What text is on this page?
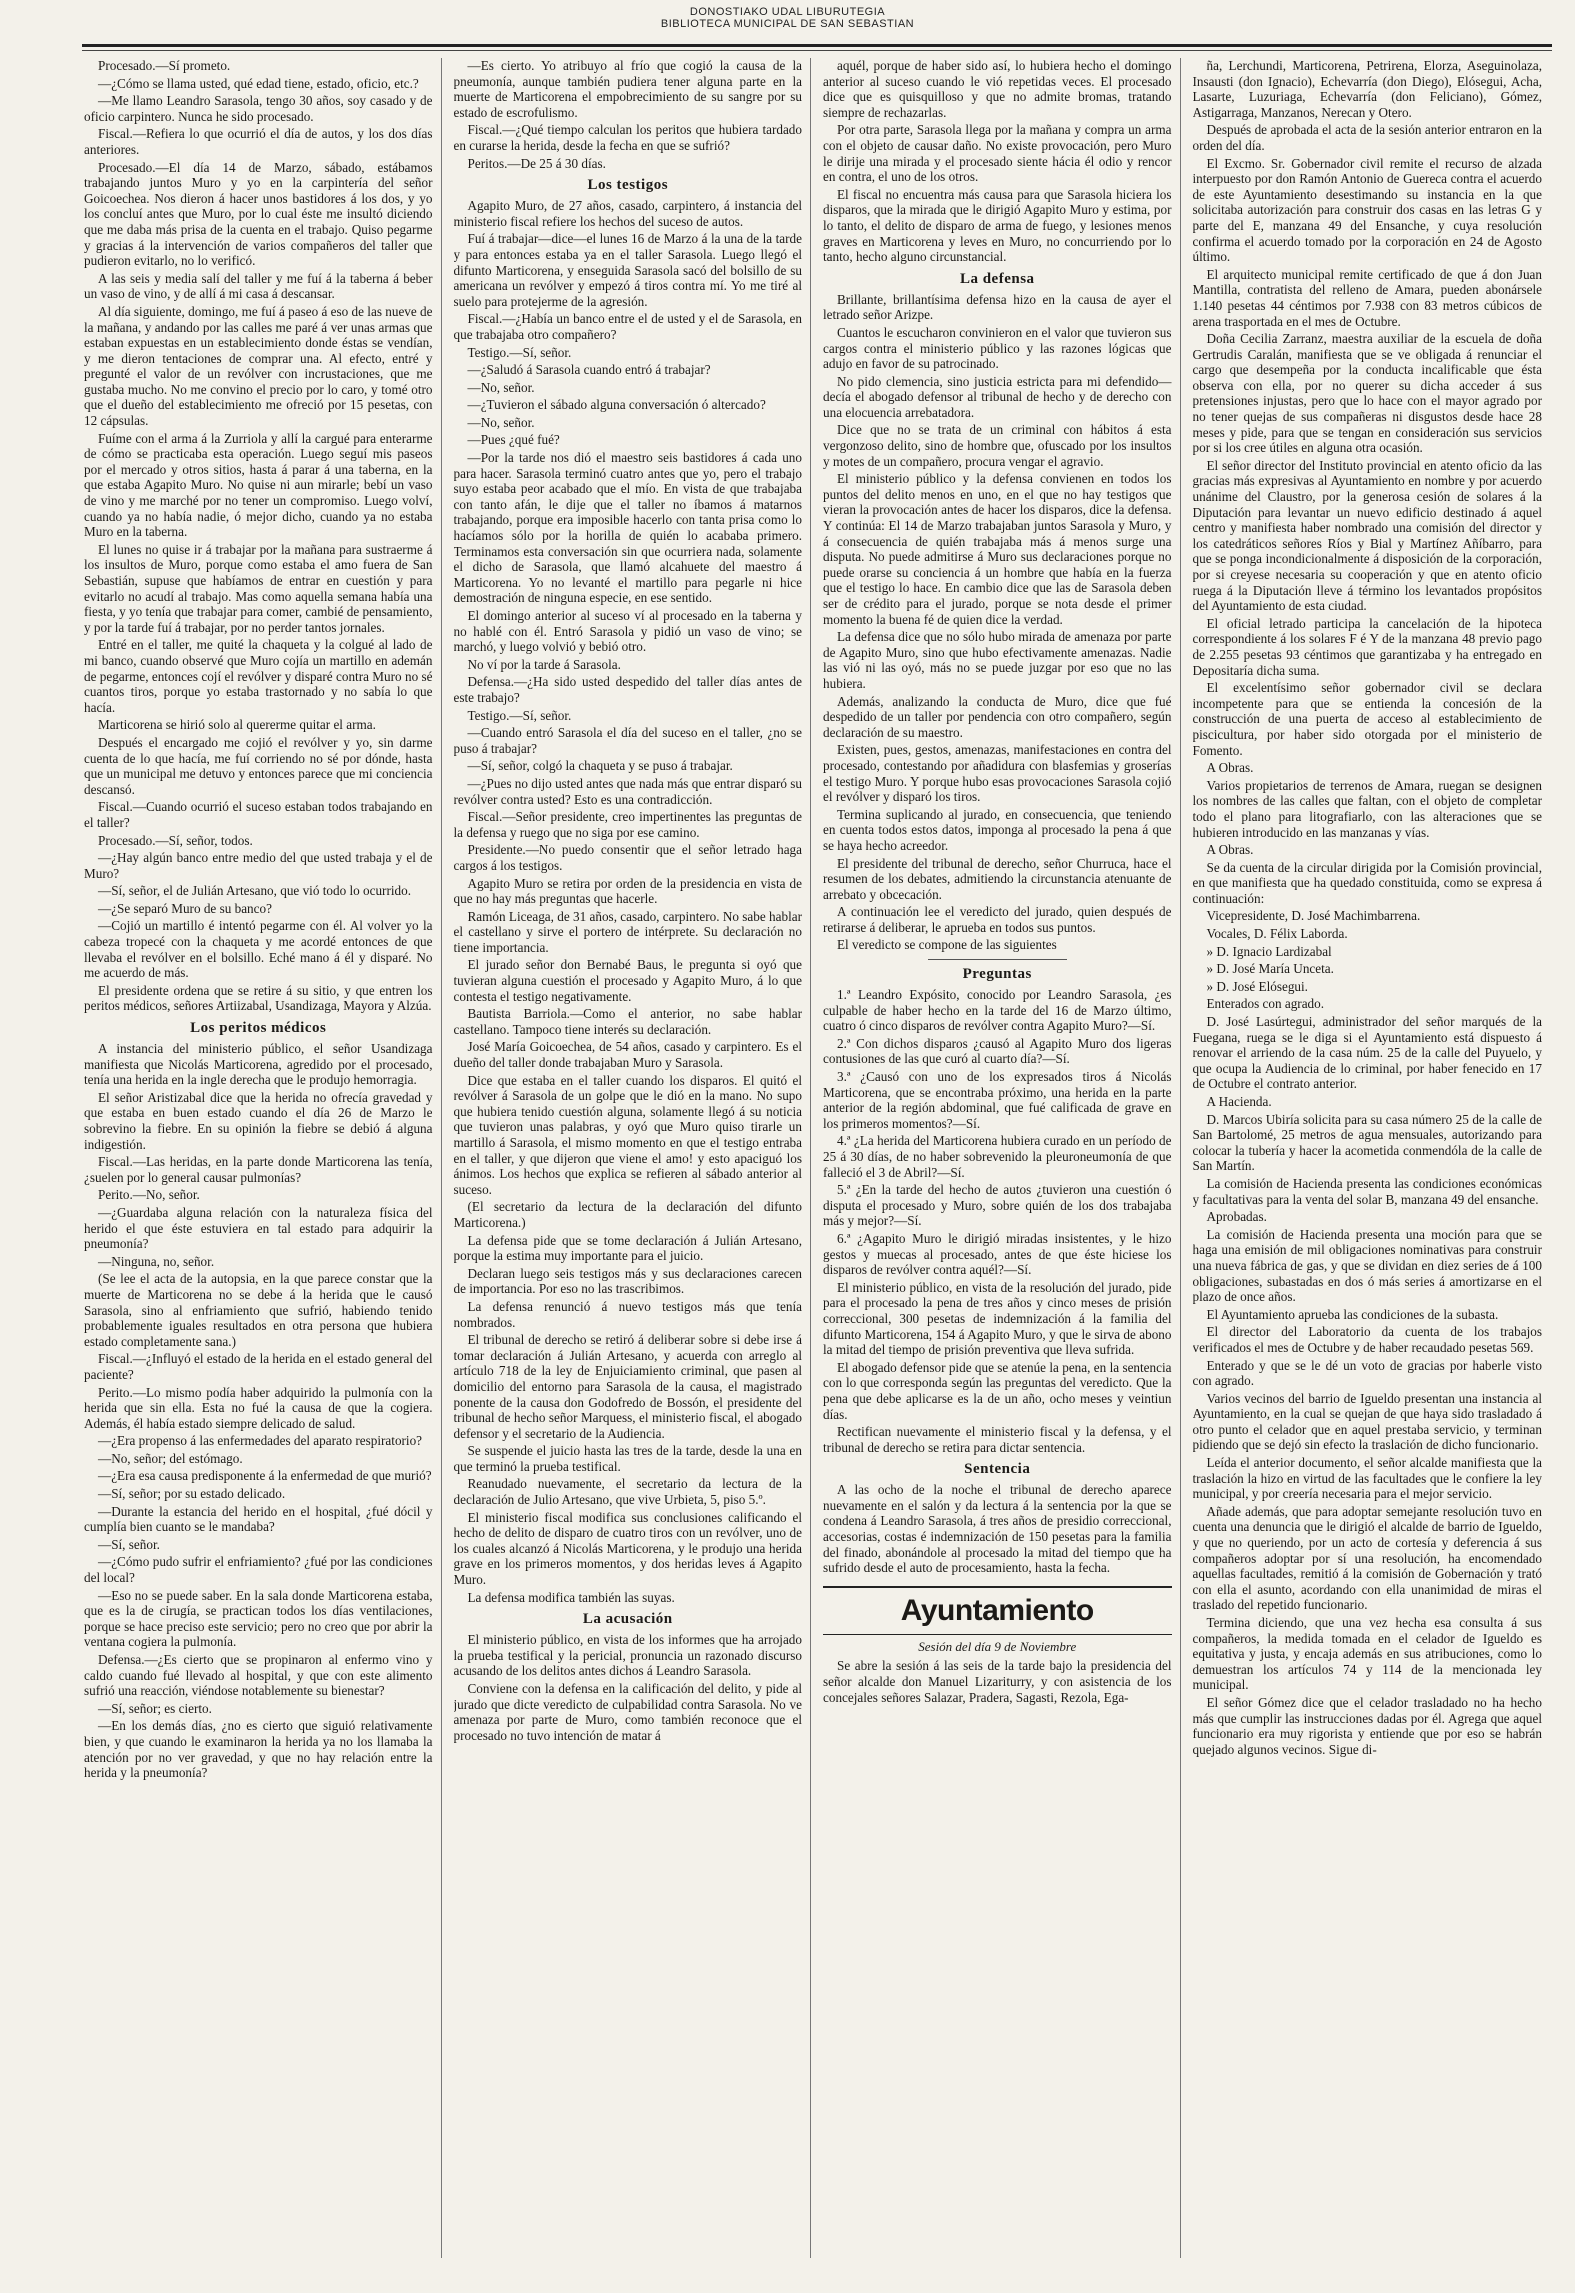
DONOSTIAKO UDAL LIBURUTEGIA
BIBLIOTECA MUNICIPAL DE SAN SEBASTIAN

Procesado.—Sí prometo.

—¿Cómo se llama usted, qué edad tiene, estado, oficio, etc.?

—Me llamo Leandro Sarasola, tengo 30 años, soy casado y de oficio carpintero. Nunca he sido procesado.

Fiscal.—Refiera lo que ocurrió el día de autos, y los dos días anteriores.

Procesado.—El día 14 de Marzo, sábado, estábamos trabajando juntos Muro y yo en la carpintería del señor Goicoechea. Nos dieron á hacer unos bastidores á los dos, y yo los concluí antes que Muro, por lo cual éste me insultó diciendo que me daba más prisa de la cuenta en el trabajo. Quiso pegarme y gracias á la intervención de varios compañeros del taller que pudieron evitarlo, no lo verificó.

A las seis y media salí del taller y me fuí á la taberna á beber un vaso de vino, y de allí á mi casa á descansar.

Al día siguiente, domingo, me fuí á paseo á eso de las nueve de la mañana, y andando por las calles me paré á ver unas armas que estaban expuestas en un establecimiento donde éstas se vendían, y me dieron tentaciones de comprar una. Al efecto, entré y pregunté el valor de un revólver con incrustaciones, que me gustaba mucho. No me convino el precio por lo caro, y tomé otro que el dueño del establecimiento me ofreció por 15 pesetas, con 12 cápsulas.

Fuíme con el arma á la Zurriola y allí la cargué para enterarme de cómo se practicaba esta operación. Luego seguí mis paseos por el mercado y otros sitios, hasta á parar á una taberna, en la que estaba Agapito Muro. No quise ni aun mirarle; bebí un vaso de vino y me marché por no tener un compromiso. Luego volví, cuando ya no había nadie, ó mejor dicho, cuando ya no estaba Muro en la taberna.

El lunes no quise ir á trabajar por la mañana para sustraerme á los insultos de Muro, porque como estaba el amo fuera de San Sebastián, supuse que habíamos de entrar en cuestión y para evitarlo no acudí al trabajo. Mas como aquella semana había una fiesta, y yo tenía que trabajar para comer, cambié de pensamiento, y por la tarde fuí á trabajar, por no perder tantos jornales.

Entré en el taller, me quité la chaqueta y la colgué al lado de mi banco, cuando observé que Muro cojía un martillo en ademán de pegarme, entonces cojí el revólver y disparé contra Muro no sé cuantos tiros, porque yo estaba trastornado y no sabía lo que hacía.

Marticorena se hirió solo al quererme quitar el arma.

Después el encargado me cojió el revólver y yo, sin darme cuenta de lo que hacía, me fuí corriendo no sé por dónde, hasta que un municipal me detuvo y entonces parece que mi conciencia descansó.

Fiscal.—Cuando ocurrió el suceso estaban todos trabajando en el taller?

Procesado.—Sí, señor, todos.

—¿Hay algún banco entre medio del que usted trabaja y el de Muro?

—Sí, señor, el de Julián Artesano, que vió todo lo ocurrido.

—¿Se separó Muro de su banco?

—Cojió un martillo é intentó pegarme con él. Al volver yo la cabeza tropecé con la chaqueta y me acordé entonces de que llevaba el revólver en el bolsillo. Eché mano á él y disparé. No me acuerdo de más.

El presidente ordena que se retire á su sitio, y que entren los peritos médicos, señores Artiizabal, Usandizaga, Mayora y Alzúa.

Los peritos médicos

A instancia del ministerio público, el señor Usandizaga manifiesta que Nicolás Marticorena, agredido por el procesado, tenía una herida en la ingle derecha que le produjo hemorragia.

El señor Aristizabal dice que la herida no ofrecía gravedad y que estaba en buen estado cuando el día 26 de Marzo le sobrevino la fiebre. En su opinión la fiebre se debió á alguna indigestión.

Fiscal.—Las heridas, en la parte donde Marticorena las tenía, ¿suelen por lo general causar pulmonías?

Perito.—No, señor.

—¿Guardaba alguna relación con la naturaleza física del herido el que éste estuviera en tal estado para adquirir la pneumonía?

—Ninguna, no, señor.

(Se lee el acta de la autopsia, en la que parece constar que la muerte de Marticorena no se debe á la herida que le causó Sarasola, sino al enfriamiento que sufrió, habiendo tenido probablemente iguales resultados en otra persona que hubiera estado completamente sana.)

Fiscal.—¿Influyó el estado de la herida en el estado general del paciente?

Perito.—Lo mismo podía haber adquirido la pulmonía con la herida que sin ella. Esta no fué la causa de que la cogiera. Además, él había estado siempre delicado de salud.

—¿Era propenso á las enfermedades del aparato respiratorio?

—No, señor; del estómago.

—¿Era esa causa predisponente á la enfermedad de que murió?

—Sí, señor; por su estado delicado.

—Durante la estancia del herido en el hospital, ¿fué dócil y cumplía bien cuanto se le mandaba?

—Sí, señor.

—¿Cómo pudo sufrir el enfriamiento? ¿fué por las condiciones del local?

—Eso no se puede saber. En la sala donde Marticorena estaba, que es la de cirugía, se practican todos los días ventilaciones, porque se hace preciso este servicio; pero no creo que por abrir la ventana cogiera la pulmonía.

Defensa.—¿Es cierto que se propinaron al enfermo vino y caldo cuando fué llevado al hospital, y que con este alimento sufrió una reacción, viéndose notablemente su bienestar?

—Sí, señor; es cierto.

—En los demás días, ¿no es cierto que siguió relativamente bien, y que cuando le examinaron la herida ya no los llamaba la atención por no ver gravedad, y que no hay relación entre la herida y la pneumonía?

—Es cierto. Yo atribuyo al frío que cogió la causa de la pneumonía, aunque también pudiera tener alguna parte en la muerte de Marticorena el empobrecimiento de su sangre por su estado de escrofulismo.

Fiscal.—¿Qué tiempo calculan los peritos que hubiera tardado en curarse la herida, desde la fecha en que se sufrió?

Peritos.—De 25 á 30 días.

Los testigos

Agapito Muro, de 27 años, casado, carpintero, á instancia del ministerio fiscal refiere los hechos del suceso de autos.

Fuí á trabajar—dice—el lunes 16 de Marzo á la una de la tarde y para entonces estaba ya en el taller Sarasola. Luego llegó el difunto Marticorena, y enseguida Sarasola sacó del bolsillo de su americana un revólver y empezó á tiros contra mí. Yo me tiré al suelo para protejerme de la agresión.

Fiscal.—¿Había un banco entre el de usted y el de Sarasola, en que trabajaba otro compañero?

Testigo.—Sí, señor.

—¿Saludó á Sarasola cuando entró á trabajar?

—No, señor.

—¿Tuvieron el sábado alguna conversación ó altercado?

—No, señor.

—Pues ¿qué fué?

—Por la tarde nos dió el maestro seis bastidores á cada uno para hacer. Sarasola terminó cuatro antes que yo, pero el trabajo suyo estaba peor acabado que el mío. En vista de que trabajaba con tanto afán, le dije que el taller no íbamos á matarnos trabajando, porque era imposible hacerlo con tanta prisa como lo hacíamos sólo por la horilla de quién lo acababa primero. Terminamos esta conversación sin que ocurriera nada, solamente el dicho de Sarasola, que llamó alcahuete del maestro á Marticorena. Yo no levanté el martillo para pegarle ni hice demostración de ninguna especie, en ese sentido.

El domingo anterior al suceso ví al procesado en la taberna y no hablé con él. Entró Sarasola y pidió un vaso de vino; se marchó, y luego volvió y bebió otro.

No ví por la tarde á Sarasola.

Defensa.—¿Ha sido usted despedido del taller días antes de este trabajo?

Testigo.—Sí, señor.

—Cuando entró Sarasola el día del suceso en el taller, ¿no se puso á trabajar?

—Sí, señor, colgó la chaqueta y se puso á trabajar.

—¿Pues no dijo usted antes que nada más que entrar disparó su revólver contra usted? Esto es una contradicción.

Fiscal.—Señor presidente, creo impertinentes las preguntas de la defensa y ruego que no siga por ese camino.

Presidente.—No puedo consentir que el señor letrado haga cargos á los testigos.

Agapito Muro se retira por orden de la presidencia en vista de que no hay más preguntas que hacerle.

Ramón Liceaga, de 31 años, casado, carpintero. No sabe hablar el castellano y sirve el portero de intérprete. Su declaración no tiene importancia.

El jurado señor don Bernabé Baus, le pregunta si oyó que tuvieran alguna cuestión el procesado y Agapito Muro, á lo que contesta el testigo negativamente.

Bautista Barriola.—Como el anterior, no sabe hablar castellano. Tampoco tiene interés su declaración.

José María Goicoechea, de 54 años, casado y carpintero. Es el dueño del taller donde trabajaban Muro y Sarasola.

Dice que estaba en el taller cuando los disparos. El quitó el revólver á Sarasola de un golpe que le dió en la mano. No supo que hubiera tenido cuestión alguna, solamente llegó á su noticia que tuvieron unas palabras, y oyó que Muro quiso tirarle un martillo á Sarasola, el mismo momento en que el testigo entraba en el taller, y que dijeron que viene el amo! y esto apaciguó los ánimos. Los hechos que explica se refieren al sábado anterior al suceso.

(El secretario da lectura de la declaración del difunto Marticorena.)

La defensa pide que se tome declaración á Julián Artesano, porque la estima muy importante para el juicio.

Declaran luego seis testigos más y sus declaraciones carecen de importancia. Por eso no las trascribimos.

La defensa renunció á nuevo testigos más que tenía nombrados.

El tribunal de derecho se retiró á deliberar sobre si debe irse á tomar declaración á Julián Artesano, y acuerda con arreglo al artículo 718 de la ley de Enjuiciamiento criminal, que pasen al domicilio del entorno para Sarasola de la causa, el magistrado ponente de la causa don Godofredo de Bossón, el presidente del tribunal de hecho señor Marquess, el ministerio fiscal, el abogado defensor y el secretario de la Audiencia.

Se suspende el juicio hasta las tres de la tarde, desde la una en que terminó la prueba testifical.

Reanudado nuevamente, el secretario da lectura de la declaración de Julio Artesano, que vive Urbieta, 5, piso 5.º.

El ministerio fiscal modifica sus conclusiones calificando el hecho de delito de disparo de cuatro tiros con un revólver, uno de los cuales alcanzó á Nicolás Marticorena, y le produjo una herida grave en los primeros momentos, y dos heridas leves á Agapito Muro.

La defensa modifica también las suyas.

La acusación

El ministerio público, en vista de los informes que ha arrojado la prueba testifical y la pericial, pronuncia un razonado discurso acusando de los delitos antes dichos á Leandro Sarasola.

Conviene con la defensa en la calificación del delito, y pide al jurado que dicte veredicto de culpabilidad contra Sarasola. No ve amenaza por parte de Muro, como también reconoce que el procesado no tuvo intención de matar á

aquél, porque de haber sido así, lo hubiera hecho el domingo anterior al suceso cuando le vió repetidas veces. El procesado dice que es quisquilloso y que no admite bromas, tratando siempre de rechazarlas.

Por otra parte, Sarasola llega por la mañana y compra un arma con el objeto de causar daño. No existe provocación, pero Muro le dirije una mirada y el procesado siente hácia él odio y rencor en contra, el uno de los otros.

El fiscal no encuentra más causa para que Sarasola hiciera los disparos, que la mirada que le dirigió Agapito Muro y estima, por lo tanto, el delito de disparo de arma de fuego, y lesiones menos graves en Marticorena y leves en Muro, no concurriendo por lo tanto, hecho alguno circunstancial.

La defensa

Brillante, brillantísima defensa hizo en la causa de ayer el letrado señor Arizpe.

Cuantos le escucharon convinieron en el valor que tuvieron sus cargos contra el ministerio público y las razones lógicas que adujo en favor de su patrocinado.

No pido clemencia, sino justicia estricta para mi defendido—decía el abogado defensor al tribunal de hecho y de derecho con una elocuencia arrebatadora.

Dice que no se trata de un criminal con hábitos á esta vergonzoso delito, sino de hombre que, ofuscado por los insultos y motes de un compañero, procura vengar el agravio.

El ministerio público y la defensa convienen en todos los puntos del delito menos en uno, en el que no hay testigos que vieran la provocación antes de hacer los disparos, dice la defensa. Y continúa: El 14 de Marzo trabajaban juntos Sarasola y Muro, y á consecuencia de quién trabajaba más á menos surge una disputa. No puede admitirse á Muro sus declaraciones porque no puede orarse su conciencia á un hombre que había en la fuerza que el testigo lo hace. En cambio dice que las de Sarasola deben ser de crédito para el jurado, porque se nota desde el primer momento la buena fé de quien dice la verdad.

La defensa dice que no sólo hubo mirada de amenaza por parte de Agapito Muro, sino que hubo efectivamente amenazas. Nadie las vió ni las oyó, más no se puede juzgar por eso que no las hubiera.

Además, analizando la conducta de Muro, dice que fué despedido de un taller por pendencia con otro compañero, según declaración de su maestro.

Existen, pues, gestos, amenazas, manifestaciones en contra del procesado, contestando por añadidura con blasfemias y groserías el testigo Muro. Y porque hubo esas provocaciones Sarasola cojió el revólver y disparó los tiros.

Termina suplicando al jurado, en consecuencia, que teniendo en cuenta todos estos datos, imponga al procesado la pena á que se haya hecho acreedor.

El presidente del tribunal de derecho, señor Churruca, hace el resumen de los debates, admitiendo la circunstancia atenuante de arrebato y obcecación.

A continuación lee el veredicto del jurado, quien después de retirarse á deliberar, le aprueba en todos sus puntos.

El veredicto se compone de las siguientes

Preguntas

1.ª Leandro Expósito, conocido por Leandro Sarasola, ¿es culpable de haber hecho en la tarde del 16 de Marzo último, cuatro ó cinco disparos de revólver contra Agapito Muro?—Sí.

2.ª Con dichos disparos ¿causó al Agapito Muro dos ligeras contusiones de las que curó al cuarto día?—Sí.

3.ª ¿Causó con uno de los expresados tiros á Nicolás Marticorena, que se encontraba próximo, una herida en la parte anterior de la región abdominal, que fué calificada de grave en los primeros momentos?—Sí.

4.ª ¿La herida del Marticorena hubiera curado en un período de 25 á 30 días, de no haber sobrevenido la pleuroneumonía de que falleció el 3 de Abril?—Sí.

5.ª ¿En la tarde del hecho de autos ¿tuvieron una cuestión ó disputa el procesado y Muro, sobre quién de los dos trabajaba más y mejor?—Sí.

6.ª ¿Agapito Muro le dirigió miradas insistentes, y le hizo gestos y muecas al procesado, antes de que éste hiciese los disparos de revólver contra aquél?—Sí.

El ministerio público, en vista de la resolución del jurado, pide para el procesado la pena de tres años y cinco meses de prisión correccional, 300 pesetas de indemnización á la familia del difunto Marticorena, 154 á Agapito Muro, y que le sirva de abono la mitad del tiempo de prisión preventiva que lleva sufrida.

El abogado defensor pide que se atenúe la pena, en la sentencia con lo que corresponda según las preguntas del veredicto. Que la pena que debe aplicarse es la de un año, ocho meses y veintiun días.

Rectifican nuevamente el ministerio fiscal y la defensa, y el tribunal de derecho se retira para dictar sentencia.

Sentencia

A las ocho de la noche el tribunal de derecho aparece nuevamente en el salón y da lectura á la sentencia por la que se condena á Leandro Sarasola, á tres años de presidio correccional, accesorias, costas é indemnización de 150 pesetas para la familia del finado, abonándole al procesado la mitad del tiempo que ha sufrido desde el auto de procesamiento, hasta la fecha.

Ayuntamiento

Sesión del día 9 de Noviembre

Se abre la sesión á las seis de la tarde bajo la presidencia del señor alcalde don Manuel Lizariturry, y con asistencia de los concejales señores Salazar, Pradera, Sagasti, Rezola, Ega-

ña, Lerchundi, Marticorena, Petrirena, Elorza, Aseguinolaza, Insausti (don Ignacio), Echevarría (don Diego), Elósegui, Acha, Lasarte, Luzuriaga, Echevarría (don Feliciano), Gómez, Astigarraga, Manzanos, Nerecan y Otero.

Después de aprobada el acta de la sesión anterior entraron en la orden del día.

El Excmo. Sr. Gobernador civil remite el recurso de alzada interpuesto por don Ramón Antonio de Guereca contra el acuerdo de este Ayuntamiento desestimando su instancia en la que solicitaba autorización para construir dos casas en las letras G y parte del E, manzana 49 del Ensanche, y cuya resolución confirma el acuerdo tomado por la corporación en 24 de Agosto último.

El arquitecto municipal remite certificado de que á don Juan Mantilla, contratista del relleno de Amara, pueden abonársele 1.140 pesetas 44 céntimos por 7.938 con 83 metros cúbicos de arena trasportada en el mes de Octubre.

Doña Cecilia Zarranz, maestra auxiliar de la escuela de doña Gertrudis Caralán, manifiesta que se ve obligada á renunciar el cargo que desempeña por la conducta incalificable que ésta observa con ella, por no querer su dicha acceder á sus pretensiones injustas, pero que lo hace con el mayor agrado por no tener quejas de sus compañeras ni disgustos desde hace 28 meses y pide, para que se tengan en consideración sus servicios por si los cree útiles en alguna otra ocasión.

El señor director del Instituto provincial en atento oficio da las gracias más expresivas al Ayuntamiento en nombre y por acuerdo unánime del Claustro, por la generosa cesión de solares á la Diputación para levantar un nuevo edificio destinado á aquel centro y manifiesta haber nombrado una comisión del director y los catedráticos señores Ríos y Bial y Martínez Añíbarro, para que se ponga incondicionalmente á disposición de la corporación, por si creyese necesaria su cooperación y que en atento oficio ruega á la Diputación lleve á término los levantados propósitos del Ayuntamiento de esta ciudad.

El oficial letrado participa la cancelación de la hipoteca correspondiente á los solares F é Y de la manzana 48 previo pago de 2.255 pesetas 93 céntimos que garantizaba y ha entregado en Depositaría dicha suma.

El excelentísimo señor gobernador civil se declara incompetente para que se entienda la concesión de la construcción de una puerta de acceso al establecimiento de piscicultura, por haber sido otorgada por el ministerio de Fomento.

A Obras.

Varios propietarios de terrenos de Amara, ruegan se designen los nombres de las calles que faltan, con el objeto de completar todo el plano para litografiarlo, con las alteraciones que se hubieren introducido en las manzanas y vías.

A Obras.

Se da cuenta de la circular dirigida por la Comisión provincial, en que manifiesta que ha quedado constituida, como se expresa á continuación:

Vicepresidente, D. José Machimbarrena.

Vocales, D. Félix Laborda.

» D. Ignacio Lardizabal

» D. José María Unceta.

» D. José Elósegui.

Enterados con agrado.

D. José Lasúrtegui, administrador del señor marqués de la Fuegana, ruega se le diga si el Ayuntamiento está dispuesto á renovar el arriendo de la casa núm. 25 de la calle del Puyuelo, y que ocupa la Audiencia de lo criminal, por haber fenecido en 17 de Octubre el contrato anterior.

A Hacienda.

D. Marcos Ubiría solicita para su casa número 25 de la calle de San Bartolomé, 25 metros de agua mensuales, autorizando para colocar la tubería y hacer la acometida conmendóla de la calle de San Martín.

La comisión de Hacienda presenta las condiciones económicas y facultativas para la venta del solar B, manzana 49 del ensanche.

Aprobadas.

La comisión de Hacienda presenta una moción para que se haga una emisión de mil obligaciones nominativas para construir una nueva fábrica de gas, y que se dividan en diez series de á 100 obligaciones, subastadas en dos ó más series á amortizarse en el plazo de once años.

El Ayuntamiento aprueba las condiciones de la subasta.

El director del Laboratorio da cuenta de los trabajos verificados el mes de Octubre y de haber recaudado pesetas 569.

Enterado y que se le dé un voto de gracias por haberle visto con agrado.

Varios vecinos del barrio de Igueldo presentan una instancia al Ayuntamiento, en la cual se quejan de que haya sido trasladado á otro punto el celador que en aquel prestaba servicio, y terminan pidiendo que se dejó sin efecto la traslación de dicho funcionario.

Leída el anterior documento, el señor alcalde manifiesta que la traslación la hizo en virtud de las facultades que le confiere la ley municipal, y por creería necesaria para el mejor servicio.

Añade además, que para adoptar semejante resolución tuvo en cuenta una denuncia que le dirigió el alcalde de barrio de Igueldo, y que no queriendo, por un acto de cortesía y deferencia á sus compañeros adoptar por sí una resolución, ha encomendado aquellas facultades, remitió á la comisión de Gobernación y trató con ella el asunto, acordando con ella unanimidad de miras el traslado del repetido funcionario.

Termina diciendo, que una vez hecha esa consulta á sus compañeros, la medida tomada en el celador de Igueldo es equitativa y justa, y encaja además en sus atribuciones, como lo demuestran los artículos 74 y 114 de la mencionada ley municipal.

El señor Gómez dice que el celador trasladado no ha hecho más que cumplir las instrucciones dadas por él. Agrega que aquel funcionario era muy rigorista y entiende que por eso se habrán quejado algunos vecinos. Sigue di-
